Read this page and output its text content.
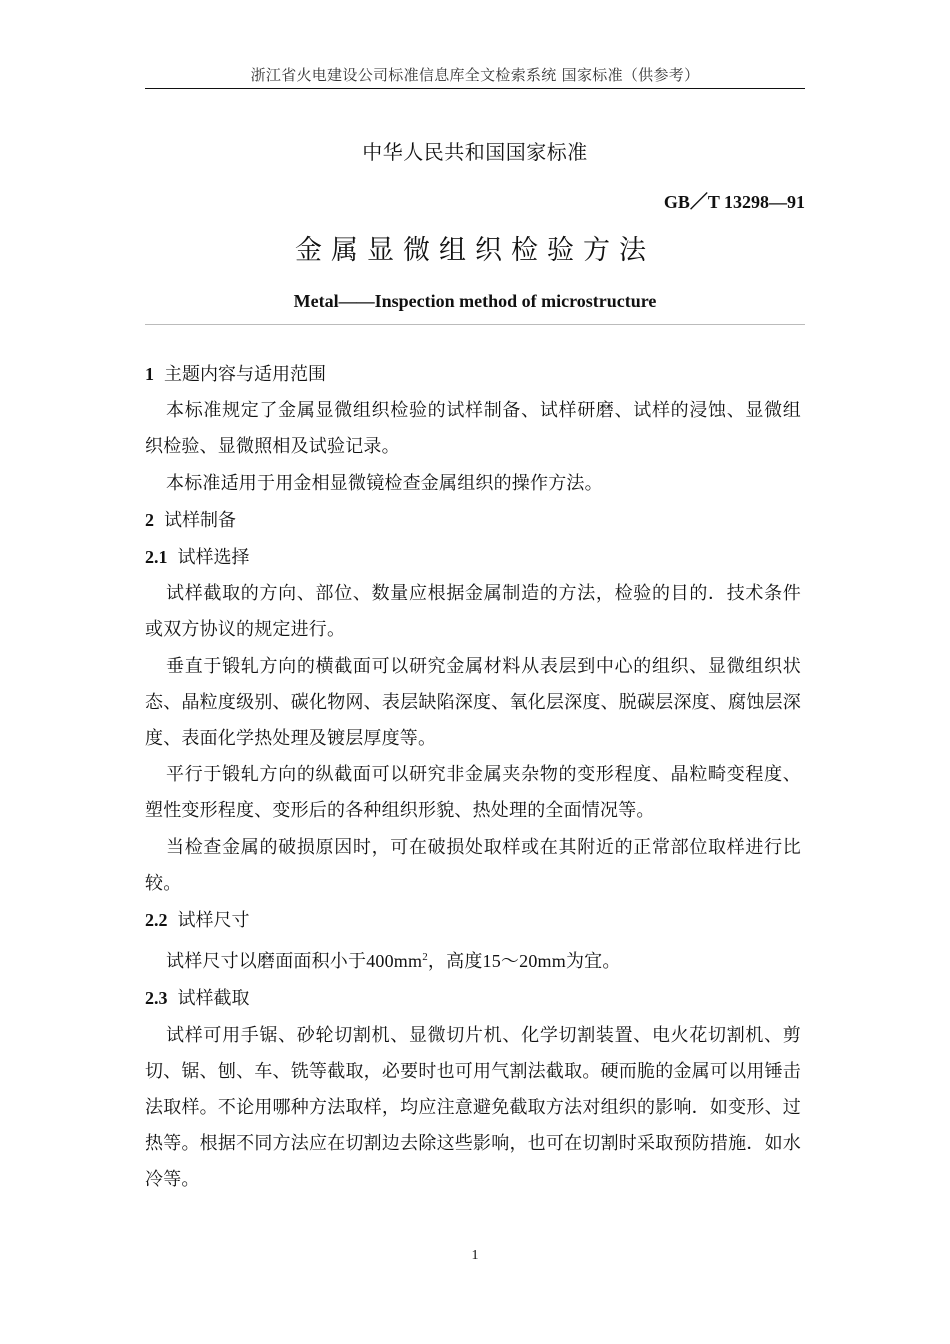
浙江省火电建设公司标准信息库全文检索系统 国家标准（供参考）
中华人民共和国国家标准
GB／T 13298—91
金属显微组织检验方法
Metal——Inspection method of microstructure

1 主题内容与适用范围

本标准规定了金属显微组织检验的试样制备、试样研磨、试样的浸蚀、显微组织检验、显微照相及试验记录。

本标准适用于用金相显微镜检查金属组织的操作方法。

2 试样制备

2.1 试样选择

试样截取的方向、部位、数量应根据金属制造的方法，检验的目的．技术条件或双方协议的规定进行。

垂直于锻轧方向的横截面可以研究金属材料从表层到中心的组织、显微组织状态、晶粒度级别、碳化物网、表层缺陷深度、氧化层深度、脱碳层深度、腐蚀层深度、表面化学热处理及镀层厚度等。

平行于锻轧方向的纵截面可以研究非金属夹杂物的变形程度、晶粒畸变程度、塑性变形程度、变形后的各种组织形貌、热处理的全面情况等。

当检查金属的破损原因时，可在破损处取样或在其附近的正常部位取样进行比较。

2.2 试样尺寸

试样尺寸以磨面面积小于$400mm^2$，高度15～20mm为宜。

2.3 试样截取

试样可用手锯、砂轮切割机、显微切片机、化学切割装置、电火花切割机、剪切、锯、刨、车、铣等截取，必要时也可用气割法截取。硬而脆的金属可以用锤击法取样。不论用哪种方法取样，均应注意避免截取方法对组织的影响．如变形、过热等。根据不同方法应在切割边去除这些影响，也可在切割时采取预防措施．如水冷等。

1
